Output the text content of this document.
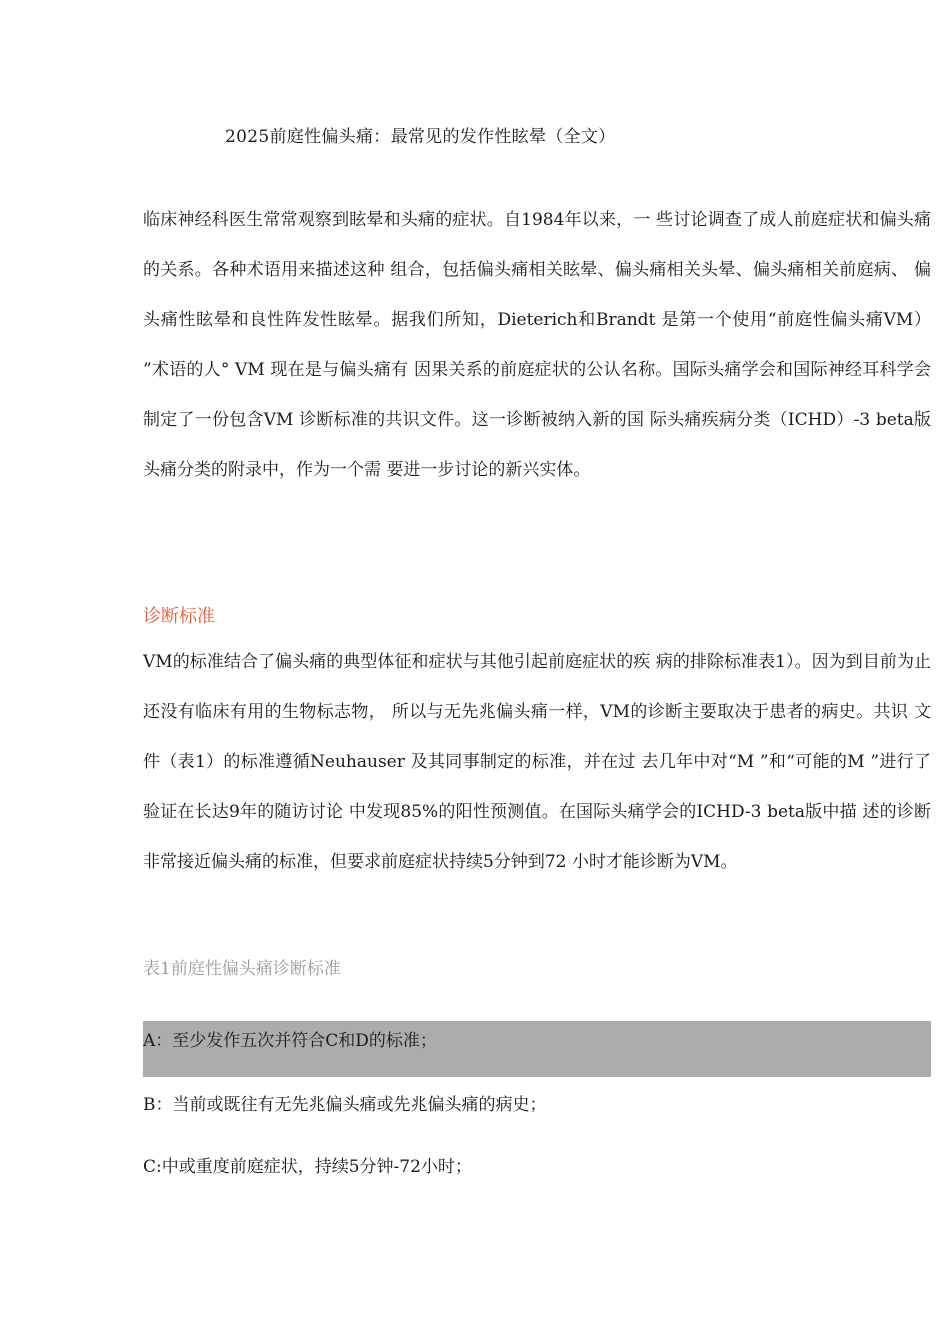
2025前庭性偏头痛：最常见的发作性眩晕（全文）

临床神经科医生常常观察到眩晕和头痛的症状。自1984年以来，一 些讨论调查了成人前庭症状和偏头痛的关系。各种术语用来描述这种 组合，包括偏头痛相关眩晕、偏头痛相关头晕、偏头痛相关前庭病、 偏头痛性眩晕和良性阵发性眩晕。据我们所知，Dieterich和Brandt 是第一个使用“前庭性偏头痛VM） ”术语的人° VM 现在是与偏头痛有 因果关系的前庭症状的公认名称。国际头痛学会和国际神经耳科学会 制定了一份包含VM 诊断标准的共识文件。这一诊断被纳入新的国 际头痛疾病分类（ICHD）-3 beta版头痛分类的附录中，作为一个需 要进一步讨论的新兴实体。

诊断标准

VM的标准结合了偏头痛的典型体征和症状与其他引起前庭症状的疾 病的排除标准表1）。因为到目前为止还没有临床有用的生物标志物， 所以与无先兆偏头痛一样，VM的诊断主要取决于患者的病史。共识 文件（表1）的标准遵循Neuhauser 及其同事制定的标准，并在过 去几年中对“M ”和“可能的M ”进行了验证在长达9年的随访讨论 中发现85%的阳性预测值。在国际头痛学会的ICHD-3 beta版中描 述的诊断非常接近偏头痛的标准，但要求前庭症状持续5分钟到72 小时才能诊断为VM。

表1前庭性偏头痛诊断标准
A：至少发作五次并符合C和D的标准；
B：当前或既往有无先兆偏头痛或先兆偏头痛的病史；
C:中或重度前庭症状，持续5分钟-72小时；
